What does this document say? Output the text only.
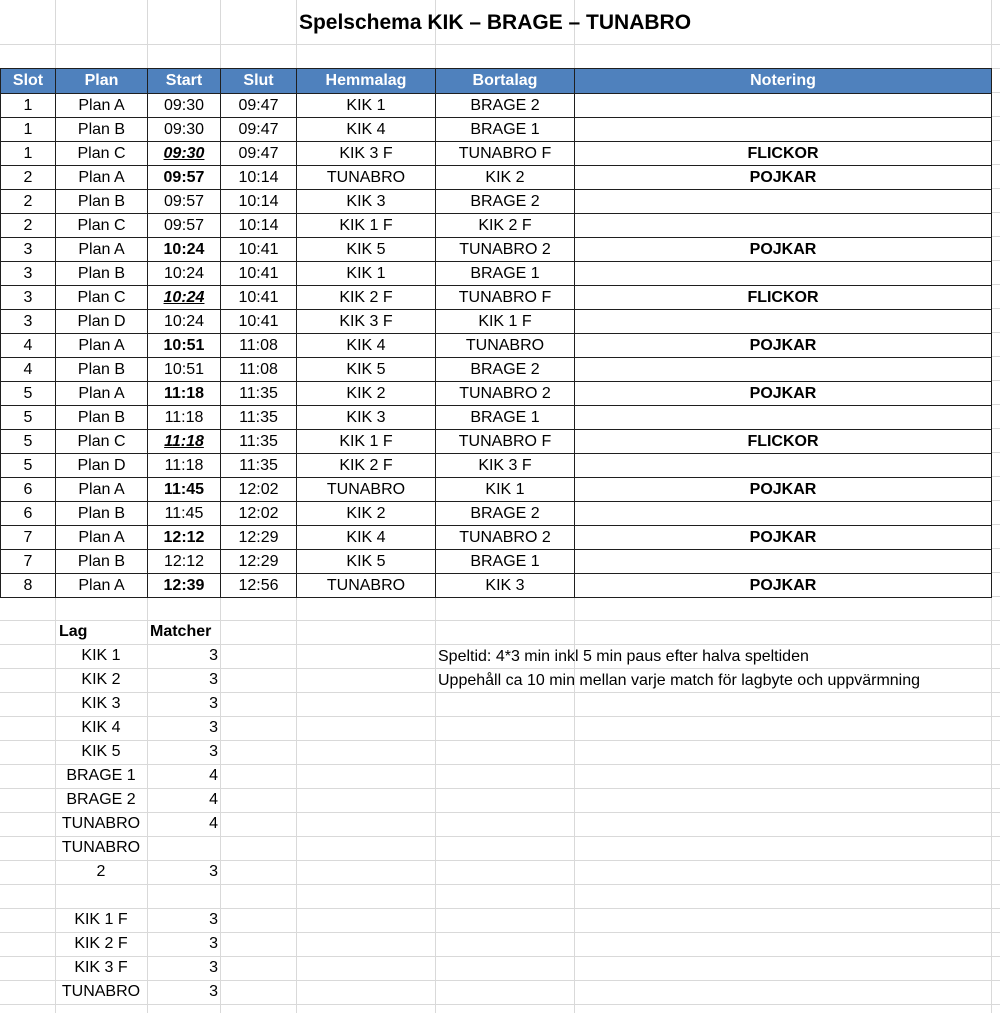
Spelschema KIK – BRAGE – TUNABRO
Slot	Plan	Start	Slut	Hemmalag	Bortalag	Notering
1	Plan A	09:30	09:47	KIK 1	BRAGE 2	
1	Plan B	09:30	09:47	KIK 4	BRAGE 1	
1	Plan C	09:30	09:47	KIK 3 F	TUNABRO F	FLICKOR
2	Plan A	09:57	10:14	TUNABRO	KIK 2	POJKAR
2	Plan B	09:57	10:14	KIK 3	BRAGE 2	
2	Plan C	09:57	10:14	KIK 1 F	KIK 2 F	
3	Plan A	10:24	10:41	KIK 5	TUNABRO 2	POJKAR
3	Plan B	10:24	10:41	KIK 1	BRAGE 1	
3	Plan C	10:24	10:41	KIK 2 F	TUNABRO F	FLICKOR
3	Plan D	10:24	10:41	KIK 3 F	KIK 1 F	
4	Plan A	10:51	11:08	KIK 4	TUNABRO	POJKAR
4	Plan B	10:51	11:08	KIK 5	BRAGE 2	
5	Plan A	11:18	11:35	KIK 2	TUNABRO 2	POJKAR
5	Plan B	11:18	11:35	KIK 3	BRAGE 1	
5	Plan C	11:18	11:35	KIK 1 F	TUNABRO F	FLICKOR
5	Plan D	11:18	11:35	KIK 2 F	KIK 3 F	
6	Plan A	11:45	12:02	TUNABRO	KIK 1	POJKAR
6	Plan B	11:45	12:02	KIK 2	BRAGE 2	
7	Plan A	12:12	12:29	KIK 4	TUNABRO 2	POJKAR
7	Plan B	12:12	12:29	KIK 5	BRAGE 1	
8	Plan A	12:39	12:56	TUNABRO	KIK 3	POJKAR
Lag	Matcher
KIK 1	3
KIK 2	3
KIK 3	3
KIK 4	3
KIK 5	3
BRAGE 1	4
BRAGE 2	4
TUNABRO	4
TUNABRO
2	3
KIK 1 F	3
KIK 2 F	3
KIK 3 F	3
TUNABRO	3
Speltid: 4*3 min inkl 5 min paus efter halva speltiden
Uppehåll ca 10 min mellan varje match för lagbyte och uppvärmning
